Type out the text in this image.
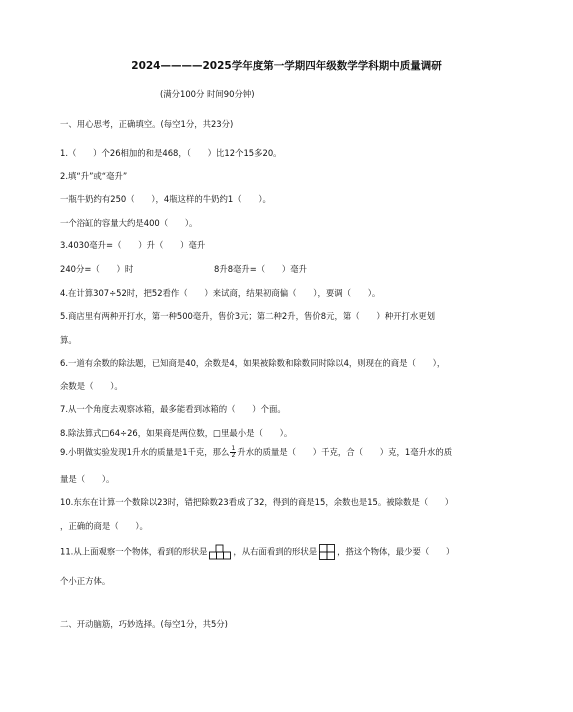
2024————2025学年度第一学期四年级数学学科期中质量调研
(满分100分 时间90分钟)
一、用心思考，正确填空。(每空1分，共23分)
1.（　　）个26相加的和是468，（　　）比12个15多20。
2.填“升”或“毫升”
一瓶牛奶约有250（　　），4瓶这样的牛奶约1（　　）。
一个浴缸的容量大约是400（　　）。
3.4030毫升=（　　）升（　　）毫升
240分=（　　）时	8升8毫升=（　　）毫升
4.在计算307÷52时，把52看作（　　）来试商，结果初商偏（　　），要调（　　）。
5.商店里有两种开打水，第一种500毫升，售价3元；第二种2升，售价8元，第（　　）种开打水更划
算。
6.一道有余数的除法题，已知商是40，余数是4，如果被除数和除数同时除以4，则现在的商是（　　），
余数是（　　）。
7.从一个角度去观察冰箱，最多能看到冰箱的（　　）个面。
8.除法算式□64÷26，如果商是两位数，□里最小是（　　）。
9.小明做实验发现1升水的质量是1千克，那么 $\frac{1}{2}$ 升水的质量是（　　）千克，合（　　）克，1毫升水的质
量是（　　）。
10.东东在计算一个数除以23时，错把除数23看成了32，得到的商是15，余数也是15。被除数是（　　）
，正确的商是（　　）。
11.从上面观察一个物体，看到的形状是	，从右面看到的形状是 ，搭这个物体，最少要（　　）
个小正方体。
二、开动脑筋，巧妙选择。(每空1分，共5分)
